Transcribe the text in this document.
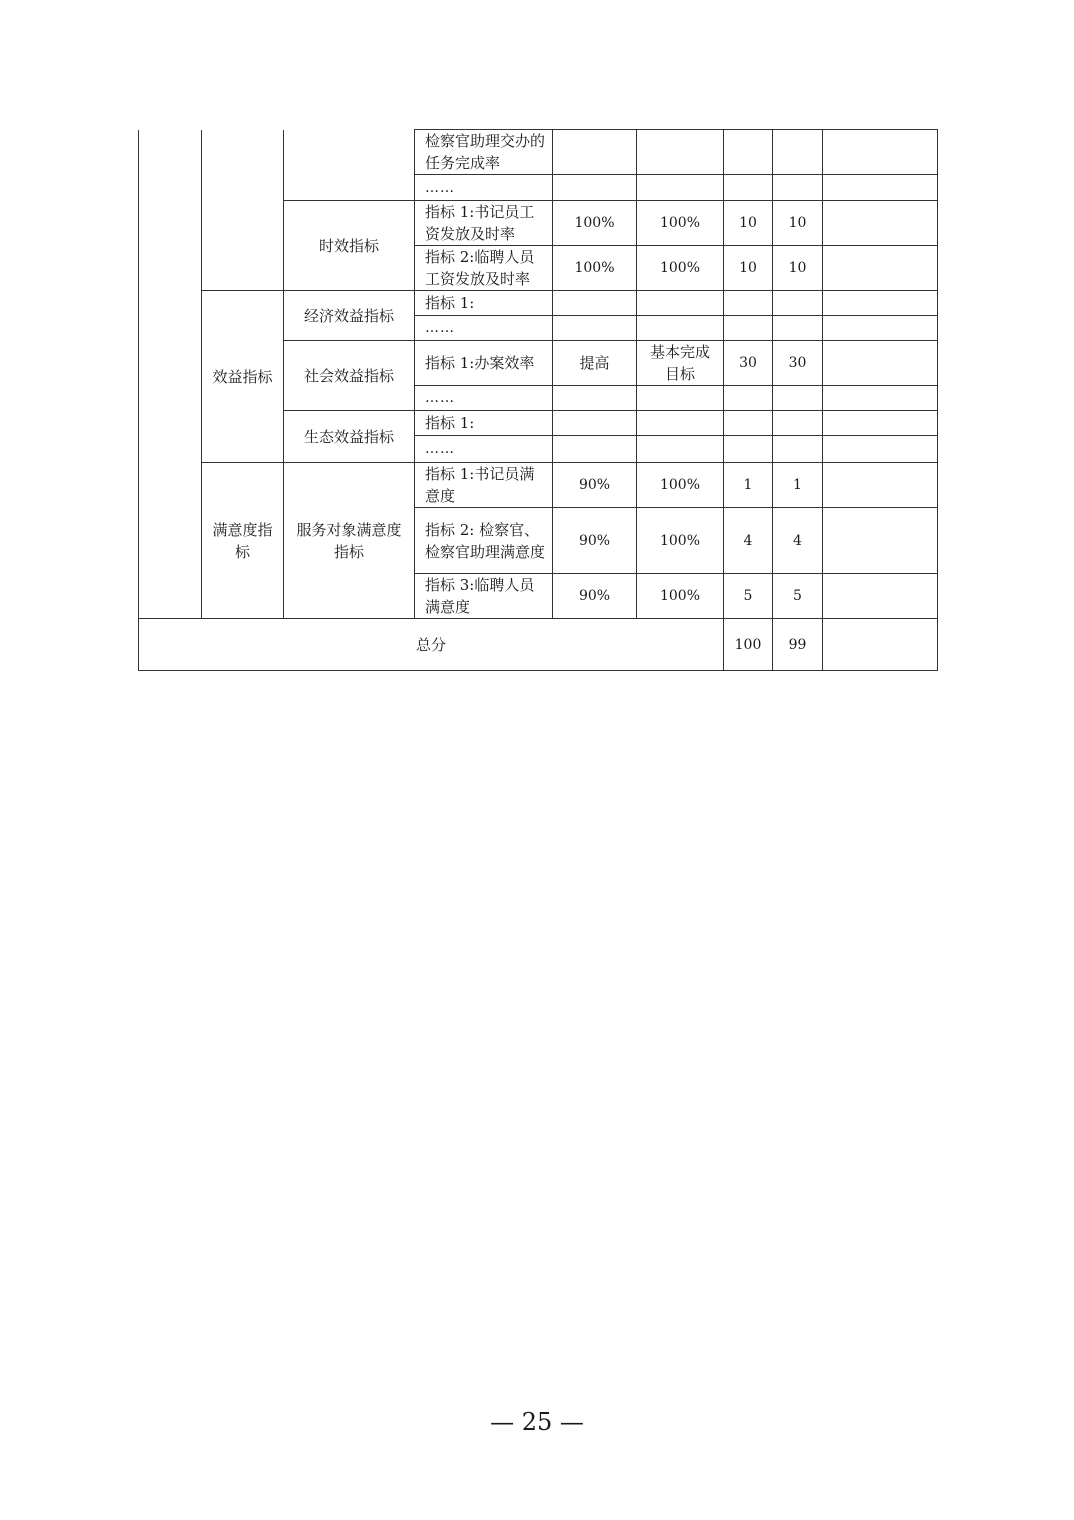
			检察官助理交办的任务完成率					
			……					
		时效指标	指标 1:书记员工资发放及时率	100%	100%	10	10	
			指标 2:临聘人员工资发放及时率	100%	100%	10	10	
	效益指标	经济效益指标	指标 1:					
			……					
		社会效益指标	指标 1:办案效率	提高	基本完成目标	30	30	
			……					
		生态效益指标	指标 1:					
			……					
	满意度指标	服务对象满意度指标	指标 1:书记员满意度	90%	100%	1	1	
			指标 2: 检察官、检察官助理满意度	90%	100%	4	4	
			指标 3:临聘人员满意度	90%	100%	5	5	
总分						100	99	
— 25 —
